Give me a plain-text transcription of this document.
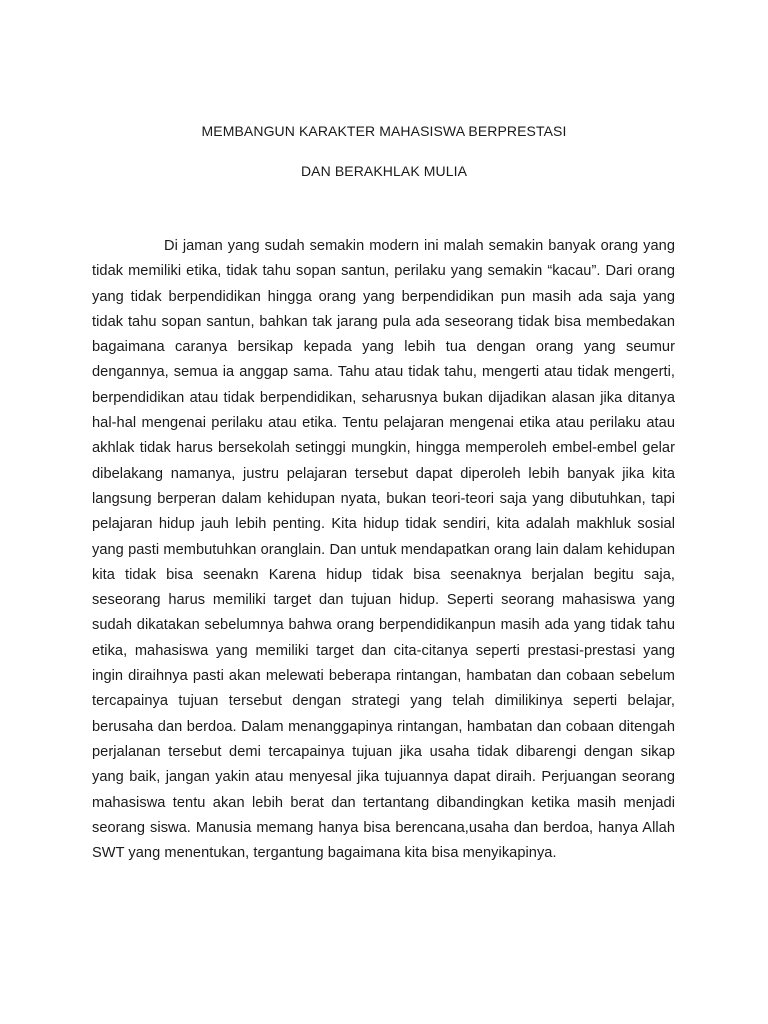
MEMBANGUN KARAKTER MAHASISWA BERPRESTASI
DAN BERAKHLAK MULIA

Di jaman yang sudah semakin modern ini malah semakin banyak orang yang tidak memiliki etika, tidak tahu sopan santun, perilaku yang semakin “kacau”. Dari orang yang tidak berpendidikan hingga orang yang berpendidikan pun masih ada saja yang tidak tahu sopan santun, bahkan tak jarang pula ada seseorang tidak bisa membedakan bagaimana caranya bersikap kepada yang lebih tua dengan orang yang seumur dengannya, semua ia anggap sama. Tahu atau tidak tahu, mengerti atau tidak mengerti, berpendidikan atau tidak berpendidikan, seharusnya bukan dijadikan alasan jika ditanya hal-hal mengenai perilaku atau etika. Tentu pelajaran mengenai etika atau perilaku atau akhlak tidak harus bersekolah setinggi mungkin, hingga memperoleh embel-embel gelar dibelakang namanya, justru pelajaran tersebut dapat diperoleh lebih banyak jika kita langsung berperan dalam kehidupan nyata, bukan teori-teori saja yang dibutuhkan, tapi pelajaran hidup jauh lebih penting. Kita hidup tidak sendiri, kita adalah makhluk sosial yang pasti membutuhkan oranglain. Dan untuk mendapatkan orang lain dalam kehidupan kita tidak bisa seenakn Karena hidup tidak bisa seenaknya berjalan begitu saja, seseorang harus memiliki target dan tujuan hidup. Seperti seorang mahasiswa yang sudah dikatakan sebelumnya bahwa orang berpendidikanpun masih ada yang tidak tahu etika, mahasiswa yang memiliki target dan cita-citanya seperti prestasi-prestasi yang ingin diraihnya pasti akan melewati beberapa rintangan, hambatan dan cobaan sebelum tercapainya tujuan tersebut dengan strategi yang telah dimilikinya seperti belajar, berusaha dan berdoa. Dalam menanggapinya rintangan, hambatan dan cobaan ditengah perjalanan tersebut demi tercapainya tujuan jika usaha tidak dibarengi dengan sikap yang baik, jangan yakin atau menyesal jika tujuannya dapat diraih. Perjuangan seorang mahasiswa tentu akan lebih berat dan tertantang dibandingkan ketika masih menjadi seorang siswa. Manusia memang hanya bisa berencana,usaha dan berdoa, hanya Allah SWT yang menentukan, tergantung bagaimana kita bisa menyikapinya.
